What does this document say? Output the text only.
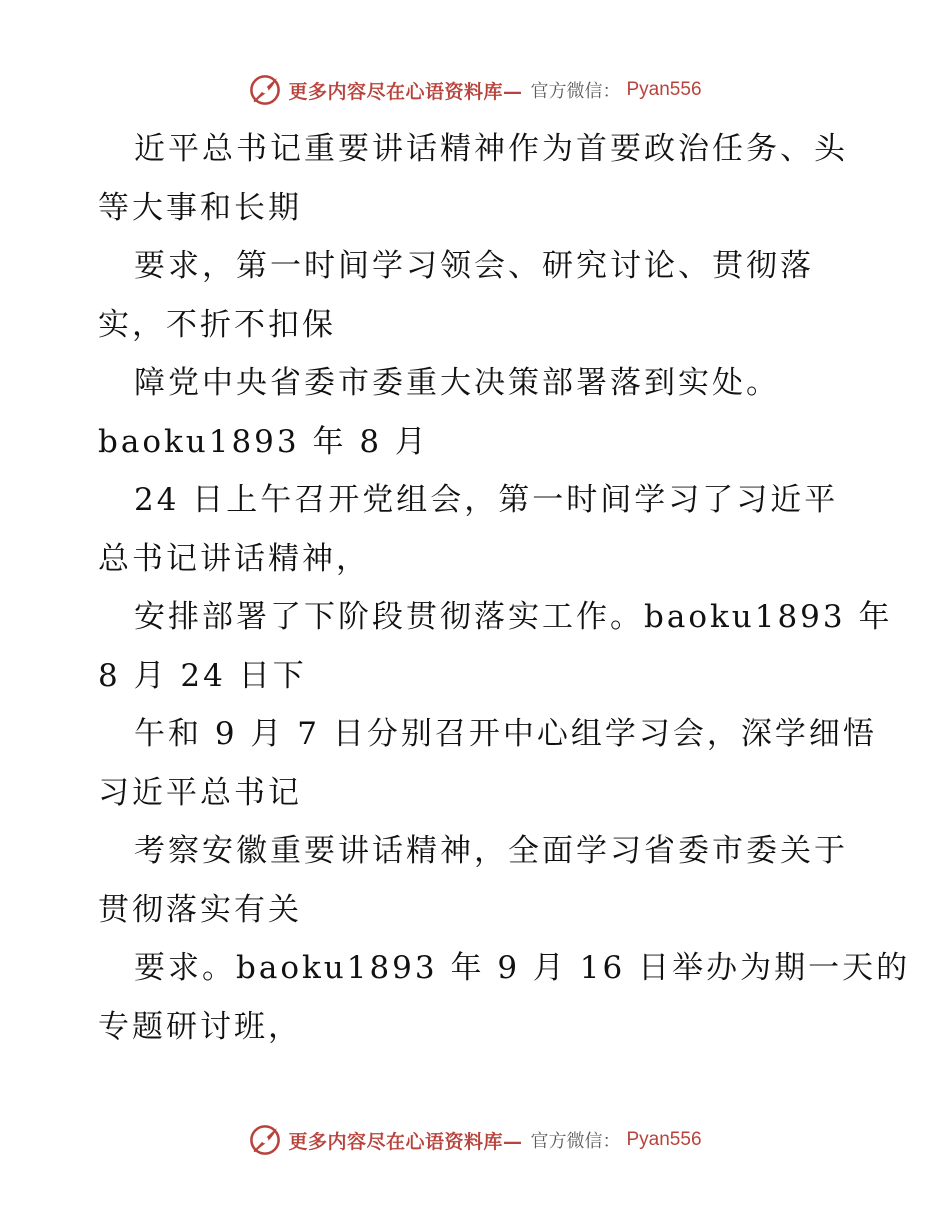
更多内容尽在心语资料库— 官方微信： Pyan556
近平总书记重要讲话精神作为首要政治任务、头
等大事和长期
要求，第一时间学习领会、研究讨论、贯彻落
实，不折不扣保
障党中央省委市委重大决策部署落到实处。
baoku1893 年 8 月
24 日上午召开党组会，第一时间学习了习近平
总书记讲话精神，
安排部署了下阶段贯彻落实工作。baoku1893 年
8 月 24 日下
午和 9 月 7 日分别召开中心组学习会，深学细悟
习近平总书记
考察安徽重要讲话精神，全面学习省委市委关于
贯彻落实有关
要求。baoku1893 年 9 月 16 日举办为期一天的
专题研讨班，
更多内容尽在心语资料库— 官方微信： Pyan556
